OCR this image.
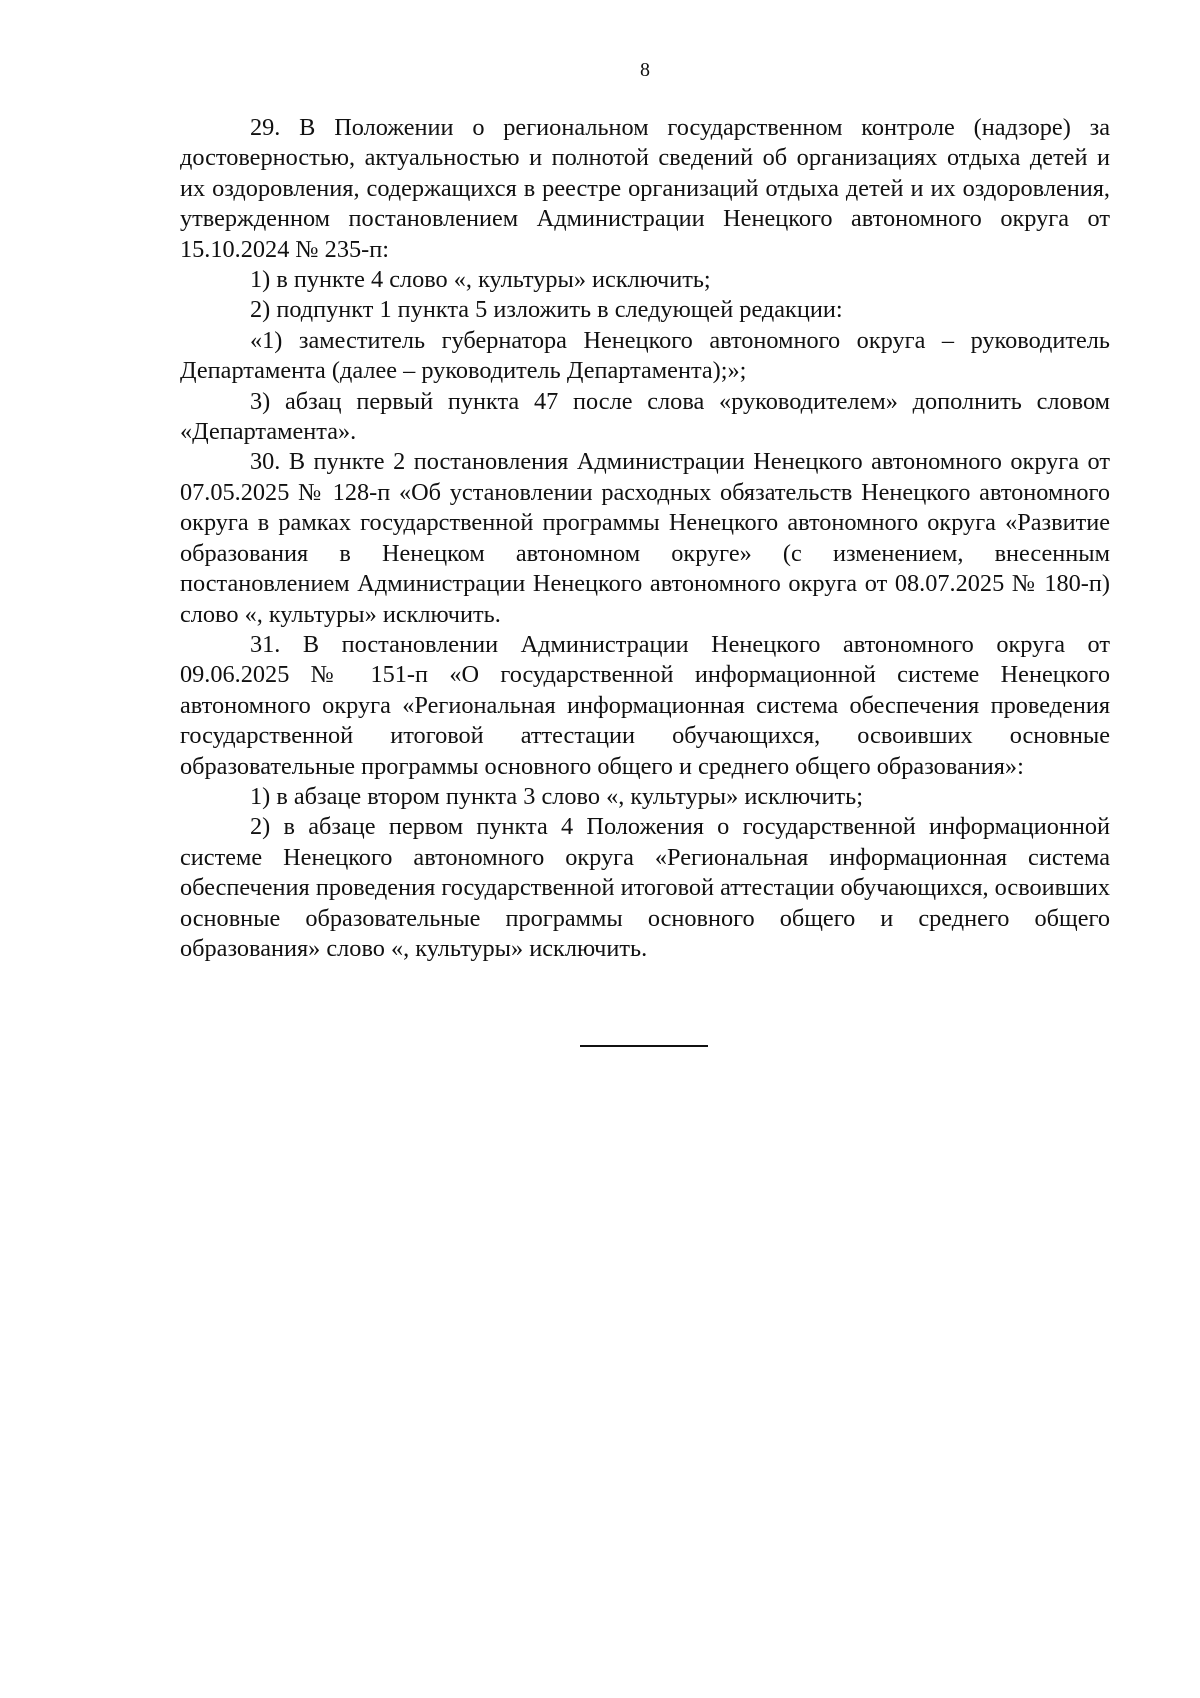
8

29. В Положении о региональном государственном контроле (надзоре) за достоверностью, актуальностью и полнотой сведений об организациях отдыха детей и их оздоровления, содержащихся в реестре организаций отдыха детей и их оздоровления, утвержденном постановлением Администрации Ненецкого автономного округа от 15.10.2024 № 235-п:

1) в пункте 4 слово «, культуры» исключить;

2) подпункт 1 пункта 5 изложить в следующей редакции:

«1) заместитель губернатора Ненецкого автономного округа – руководитель Департамента (далее – руководитель Департамента);»;

3) абзац первый пункта 47 после слова «руководителем» дополнить словом «Департамента».

30. В пункте 2 постановления Администрации Ненецкого автономного округа от 07.05.2025 № 128-п «Об установлении расходных обязательств Ненецкого автономного округа в рамках государственной программы Ненецкого автономного округа «Развитие образования в Ненецком автономном округе» (с изменением, внесенным постановлением Администрации Ненецкого автономного округа от 08.07.2025 № 180-п) слово «, культуры» исключить.

31. В постановлении Администрации Ненецкого автономного округа от 09.06.2025 № 151-п «О государственной информационной системе Ненецкого автономного округа «Региональная информационная система обеспечения проведения государственной итоговой аттестации обучающихся, освоивших основные образовательные программы основного общего и среднего общего образования»:

1) в абзаце втором пункта 3 слово «, культуры» исключить;

2) в абзаце первом пункта 4 Положения о государственной информационной системе Ненецкого автономного округа «Региональная информационная система обеспечения проведения государственной итоговой аттестации обучающихся, освоивших основные образовательные программы основного общего и среднего общего образования» слово «, культуры» исключить.
